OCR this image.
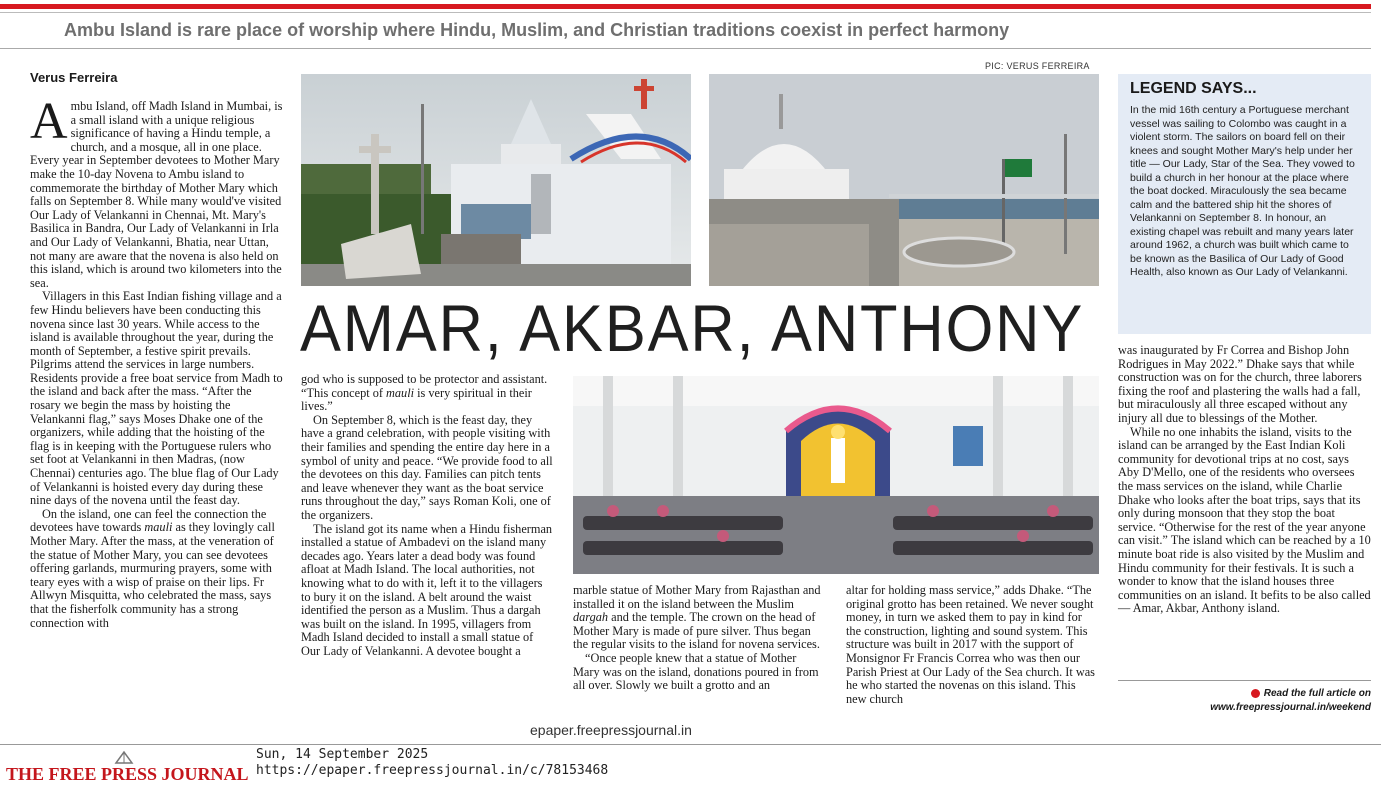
Ambu Island is rare place of worship where Hindu, Muslim, and Christian traditions coexist in perfect harmony
Verus Ferreira
PIC: VERUS FERREIRA

Ambu Island, off Madh Island in Mumbai, is a small island with a unique religious significance of having a Hindu temple, a church, and a mosque, all in one place. Every year in September devotees to Mother Mary make the 10-day Novena to Ambu island to commemorate the birthday of Mother Mary which falls on September 8. While many would've visited Our Lady of Velankanni in Chennai, Mt. Mary's Basilica in Bandra, Our Lady of Velankanni in Irla and Our Lady of Velankanni, Bhatia, near Uttan, not many are aware that the novena is also held on this island, which is around two kilometers into the sea.

Villagers in this East Indian fishing village and a few Hindu believers have been conducting this novena since last 30 years. While access to the island is available throughout the year, during the month of September, a festive spirit prevails. Pilgrims attend the services in large numbers. Residents provide a free boat service from Madh to the island and back after the mass. “After the rosary we begin the mass by hoisting the Velankanni flag,” says Moses Dhake one of the organizers, while adding that the hoisting of the flag is in keeping with the Portuguese rulers who set foot at Velankanni in then Madras, (now Chennai) centuries ago. The blue flag of Our Lady of Velankanni is hoisted every day during these nine days of the novena until the feast day.

On the island, one can feel the connection the devotees have towards mauli as they lovingly call Mother Mary. After the mass, at the veneration of the statue of Mother Mary, you can see devotees offering garlands, murmuring prayers, some with teary eyes with a wisp of praise on their lips. Fr Allwyn Misquitta, who celebrated the mass, says that the fisherfolk community has a strong connection with

AMAR, AKBAR, ANTHONY
LEGEND SAYS...
In the mid 16th century a Portuguese merchant vessel was sailing to Colombo was caught in a violent storm. The sailors on board fell on their knees and sought Mother Mary's help under her title — Our Lady, Star of the Sea. They vowed to build a church in her honour at the place where the boat docked. Miraculously the sea became calm and the battered ship hit the shores of Velankanni on September 8. In honour, an existing chapel was rebuilt and many years later around 1962, a church was built which came to be known as the Basilica of Our Lady of Good Health, also known as Our Lady of Velankanni.

god who is supposed to be protector and assistant. “This concept of mauli is very spiritual in their lives.”

On September 8, which is the feast day, they have a grand celebration, with people visiting with their families and spending the entire day here in a symbol of unity and peace. “We provide food to all the devotees on this day. Families can pitch tents and leave whenever they want as the boat service runs throughout the day,” says Roman Koli, one of the organizers.

The island got its name when a Hindu fisherman installed a statue of Ambadevi on the island many decades ago. Years later a dead body was found afloat at Madh Island. The local authorities, not knowing what to do with it, left it to the villagers to bury it on the island. A belt around the waist identified the person as a Muslim. Thus a dargah was built on the island. In 1995, villagers from Madh Island decided to install a small statue of Our Lady of Velankanni. A devotee bought a

marble statue of Mother Mary from Rajasthan and installed it on the island between the Muslim dargah and the temple. The crown on the head of Mother Mary is made of pure silver. Thus began the regular visits to the island for novena services.

“Once people knew that a statue of Mother Mary was on the island, donations poured in from all over. Slowly we built a grotto and an

altar for holding mass service,” adds Dhake. “The original grotto has been retained. We never sought money, in turn we asked them to pay in kind for the construction, lighting and sound system. This structure was built in 2017 with the support of Monsignor Fr Francis Correa who was then our Parish Priest at Our Lady of the Sea church. It was he who started the novenas on this island. This new church

was inaugurated by Fr Correa and Bishop John Rodrigues in May 2022.” Dhake says that while construction was on for the church, three laborers fixing the roof and plastering the walls had a fall, but miraculously all three escaped without any injury all due to blessings of the Mother.

While no one inhabits the island, visits to the island can be arranged by the East Indian Koli community for devotional trips at no cost, says Aby D'Mello, one of the residents who oversees the mass services on the island, while Charlie Dhake who looks after the boat trips, says that its only during monsoon that they stop the boat service. “Otherwise for the rest of the year anyone can visit.” The island which can be reached by a 10 minute boat ride is also visited by the Muslim and Hindu community for their festivals. It is such a wonder to know that the island houses three communities on an island. It befits to be also called — Amar, Akbar, Anthony island.

Read the full article on
www.freepressjournal.in/weekend
epaper.freepressjournal.in
THE FREE PRESS JOURNAL
Sun, 14 September 2025
https://epaper.freepressjournal.in/c/78153468
